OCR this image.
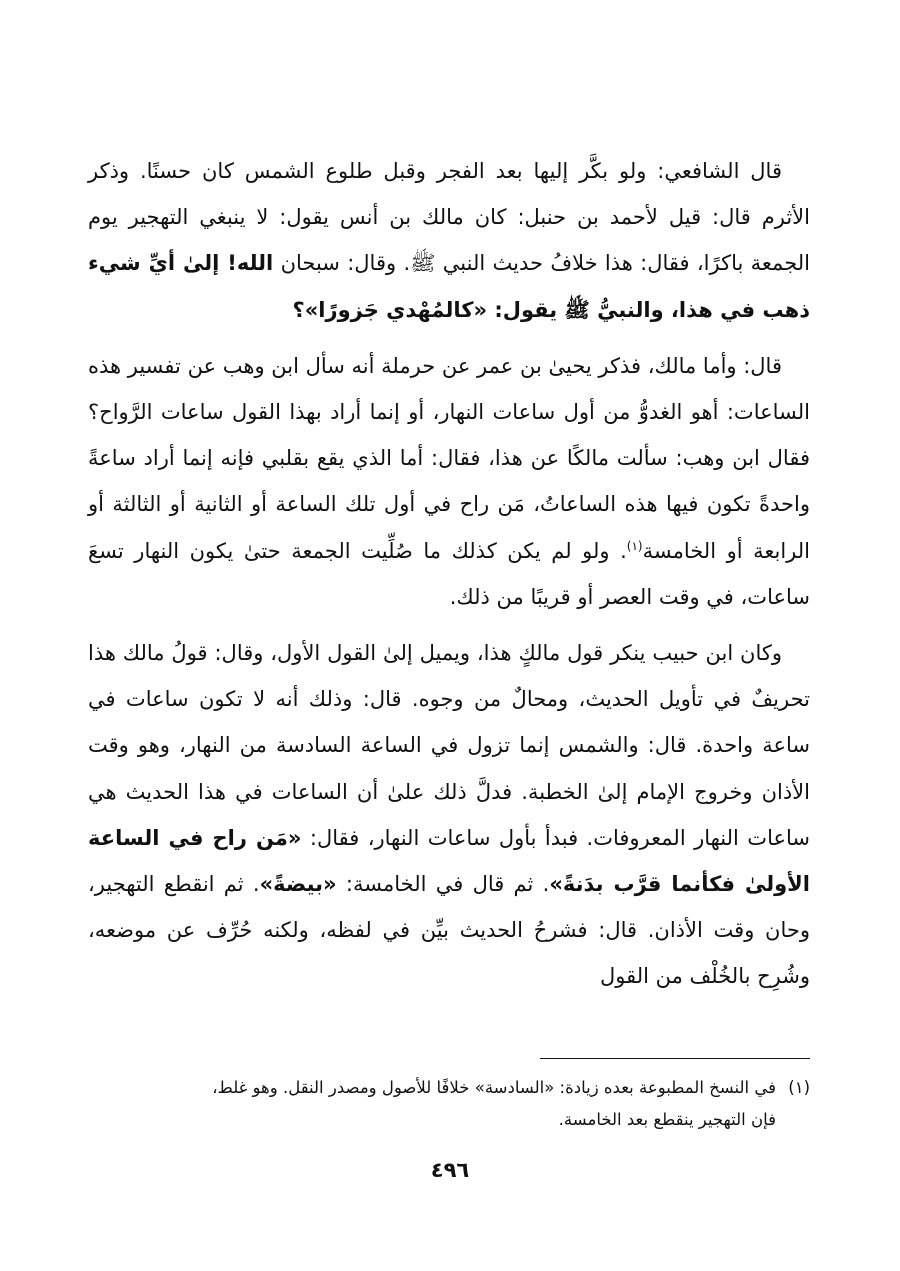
قال الشافعي: ولو بكَّر إليها بعد الفجر وقبل طلوع الشمس كان حسنًا. وذكر الأثرم قال: قيل لأحمد بن حنبل: كان مالك بن أنس يقول: لا ينبغي التهجير يوم الجمعة باكرًا، فقال: هذا خلافُ حديث النبي ﷺ. وقال: سبحان الله! إلىٰ أيِّ شيء ذهب في هذا، والنبيُّ ﷺ يقول: «كالمُهْدي جَزورًا»؟

قال: وأما مالك، فذكر يحيىٰ بن عمر عن حرملة أنه سأل ابن وهب عن تفسير هذه الساعات: أهو الغدوُّ من أول ساعات النهار، أو إنما أراد بهذا القول ساعات الرَّواح؟ فقال ابن وهب: سألت مالكًا عن هذا، فقال: أما الذي يقع بقلبي فإنه إنما أراد ساعةً واحدةً تكون فيها هذه الساعاتُ، مَن راح في أول تلك الساعة أو الثانية أو الثالثة أو الرابعة أو الخامسة$^{(١)}$. ولو لم يكن كذلك ما صُلِّيت الجمعة حتىٰ يكون النهار تسعَ ساعات، في وقت العصر أو قريبًا من ذلك.

وكان ابن حبيب ينكر قول مالكٍ هذا، ويميل إلىٰ القول الأول، وقال: قولُ مالك هذا تحريفٌ في تأويل الحديث، ومحالٌ من وجوه. قال: وذلك أنه لا تكون ساعات في ساعة واحدة. قال: والشمس إنما تزول في الساعة السادسة من النهار، وهو وقت الأذان وخروج الإمام إلىٰ الخطبة. فدلَّ ذلك علىٰ أن الساعات في هذا الحديث هي ساعات النهار المعروفات. فبدأ بأول ساعات النهار، فقال: «مَن راح في الساعة الأولىٰ فكأنما قرَّب بدَنةً». ثم قال في الخامسة: «بيضةً». ثم انقطع التهجير، وحان وقت الأذان. قال: فشرحُ الحديث بيِّن في لفظه، ولكنه حُرِّف عن موضعه، وشُرِح بالخُلْف من القول

(١)في النسخ المطبوعة بعده زيادة: «السادسة» خلافًا للأصول ومصدر النقل. وهو غلط،
فإن التهجير ينقطع بعد الخامسة.
٤٩٦
